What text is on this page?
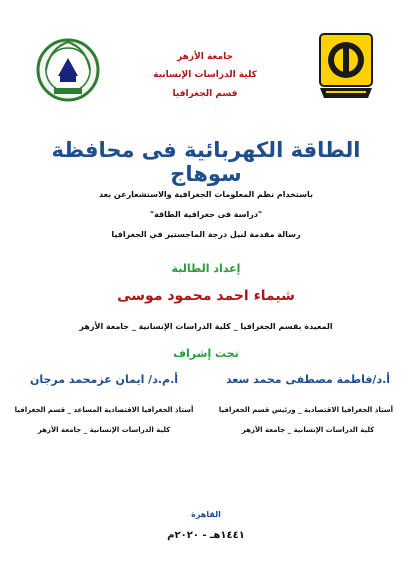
جامعة الأزهر
كلية الدراسات الإنسانية
قسم الجغرافيا
الطاقة الكهربائية فى محافظة سوهاج
باستخدام نظم المعلومات الجغرافية والاستشعارعن بعد
"دراسة فى جغرافية الطاقة"
رسالة مقدمة لنيل درجة الماجستير في الجغرافيا
إعداد الطالبة
شيماء احمد محمود موسى
المعيدة بقسم الجغرافيا _ كلية الدراسات الإنسانية _ جامعة الأزهر
تحت إشراف
أ.د/فاطمة مصطفى محمد سعد
أستاذ الجغرافيا الاقتصادية _ ورئيس قسم الجغرافيا
كلية الدراسات الإنسانية _ جامعة الأزهر
أ.م.د/ ايمان عزمحمد مرجان
أستاذ الجغرافيا الاقتصادية المساعد _ قسم الجغرافيا
كلية الدراسات الإنسانية _ جامعة الأزهر
القاهرة
١٤٤١هـ - ٢٠٢٠م
